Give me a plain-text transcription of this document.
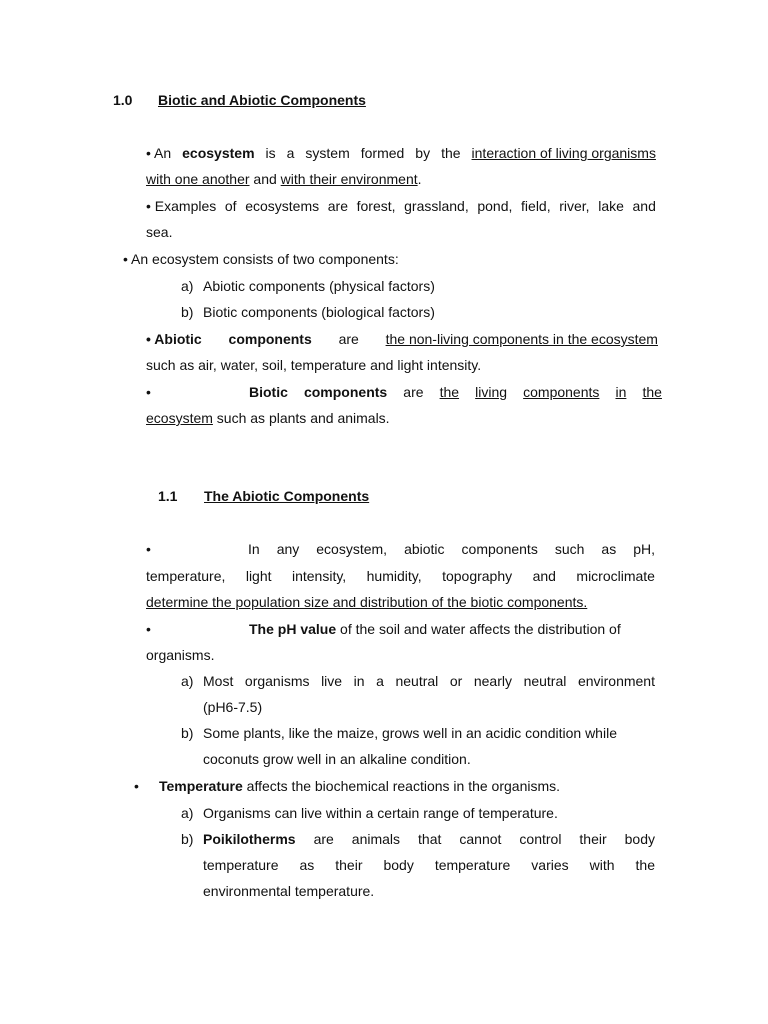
1.0 Biotic and Abiotic Components
• An ecosystem is a system formed by the interaction of living organisms
with one another and with their environment.
• Examples of ecosystems are forest, grassland, pond, field, river, lake and
sea.
• An ecosystem consists of two components:
a) Abiotic components (physical factors)
b) Biotic components (biological factors)
• Abiotic components are the non-living components in the ecosystem
such as air, water, soil, temperature and light intensity.
•	Biotic components are the living components in the
ecosystem such as plants and animals.
1.1 The Abiotic Components
•	In any ecosystem, abiotic components such as pH,
temperature, light intensity, humidity, topography and microclimate
determine the population size and distribution of the biotic components.
•	The pH value of the soil and water affects the distribution of
organisms.
a) Most organisms live in a neutral or nearly neutral environment
(pH6-7.5)
b) Some plants, like the maize, grows well in an acidic condition while
coconuts grow well in an alkaline condition.
• Temperature affects the biochemical reactions in the organisms.
a) Organisms can live within a certain range of temperature.
b) Poikilotherms are animals that cannot control their body
temperature as their body temperature varies with the
environmental temperature.
